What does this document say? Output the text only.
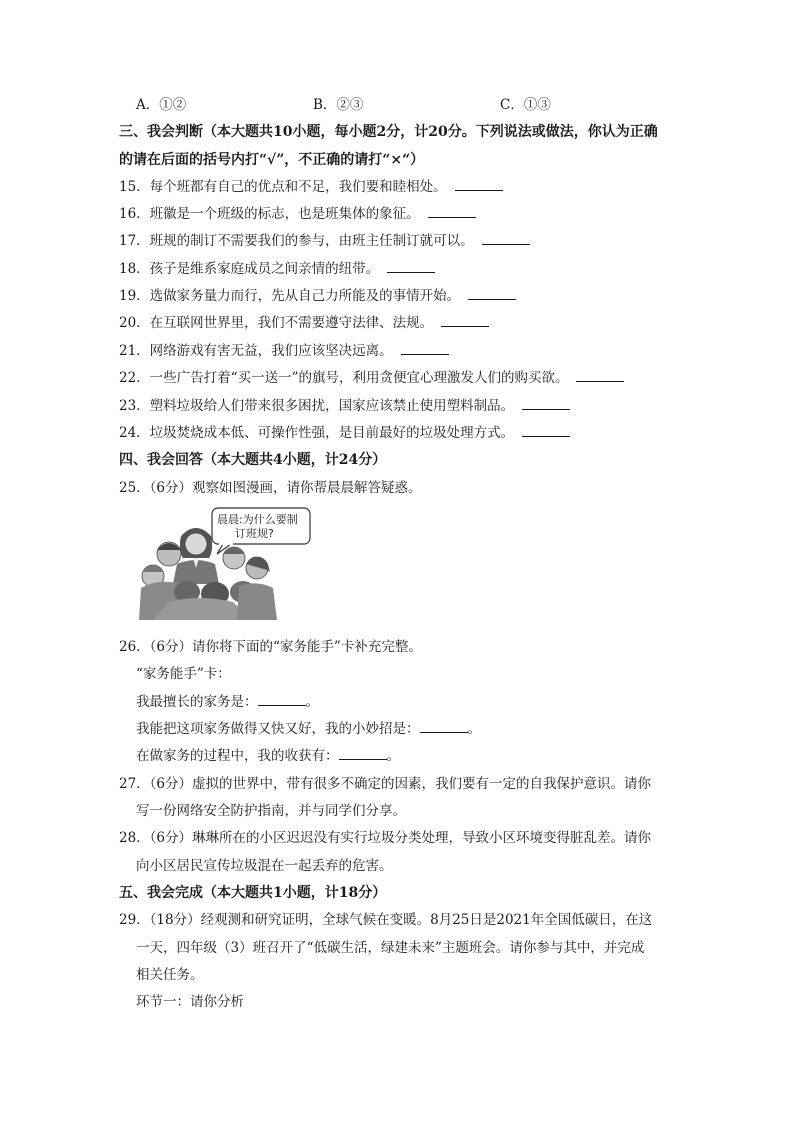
A．①②	B．②③	C．①③
三、我会判断（本大题共10小题，每小题2分，计20分。下列说法或做法，你认为正确
的请在后面的括号内打“√”，不正确的请打“×“）
15．每个班都有自己的优点和不足，我们要和睦相处。
16．班徽是一个班级的标志，也是班集体的象征。
17．班规的制订不需要我们的参与，由班主任制订就可以。
18．孩子是维系家庭成员之间亲情的纽带。
19．选做家务量力而行，先从自己力所能及的事情开始。
20．在互联网世界里，我们不需要遵守法律、法规。
21．网络游戏有害无益，我们应该坚决远离。
22．一些广告打着“买一送一”的旗号，利用贪便宜心理激发人们的购买欲。
23．塑料垃圾给人们带来很多困扰，国家应该禁止使用塑料制品。
24．垃圾焚烧成本低、可操作性强，是目前最好的垃圾处理方式。
四、我会回答（本大题共4小题，计24分）
25．（6分）观察如图漫画，请你帮晨晨解答疑惑。
晨晨:为什么要制
订班规?
26．（6分）请你将下面的“家务能手”卡补充完整。
“家务能手”卡：
我最擅长的家务是：	。
我能把这项家务做得又快又好，我的小妙招是：	。
在做家务的过程中，我的收获有：	。
27．（6分）虚拟的世界中，带有很多不确定的因素，我们要有一定的自我保护意识。请你
写一份网络安全防护指南，并与同学们分享。
28．（6分）琳琳所在的小区迟迟没有实行垃圾分类处理，导致小区环境变得脏乱差。请你
向小区居民宣传垃圾混在一起丢弃的危害。
五、我会完成（本大题共1小题，计18分）
29．（18分）经观测和研究证明，全球气候在变暖。8月25日是2021年全国低碳日，在这
一天，四年级（3）班召开了“低碳生活，绿建未来”主题班会。请你参与其中，并完成
相关任务。
环节一：请你分析
